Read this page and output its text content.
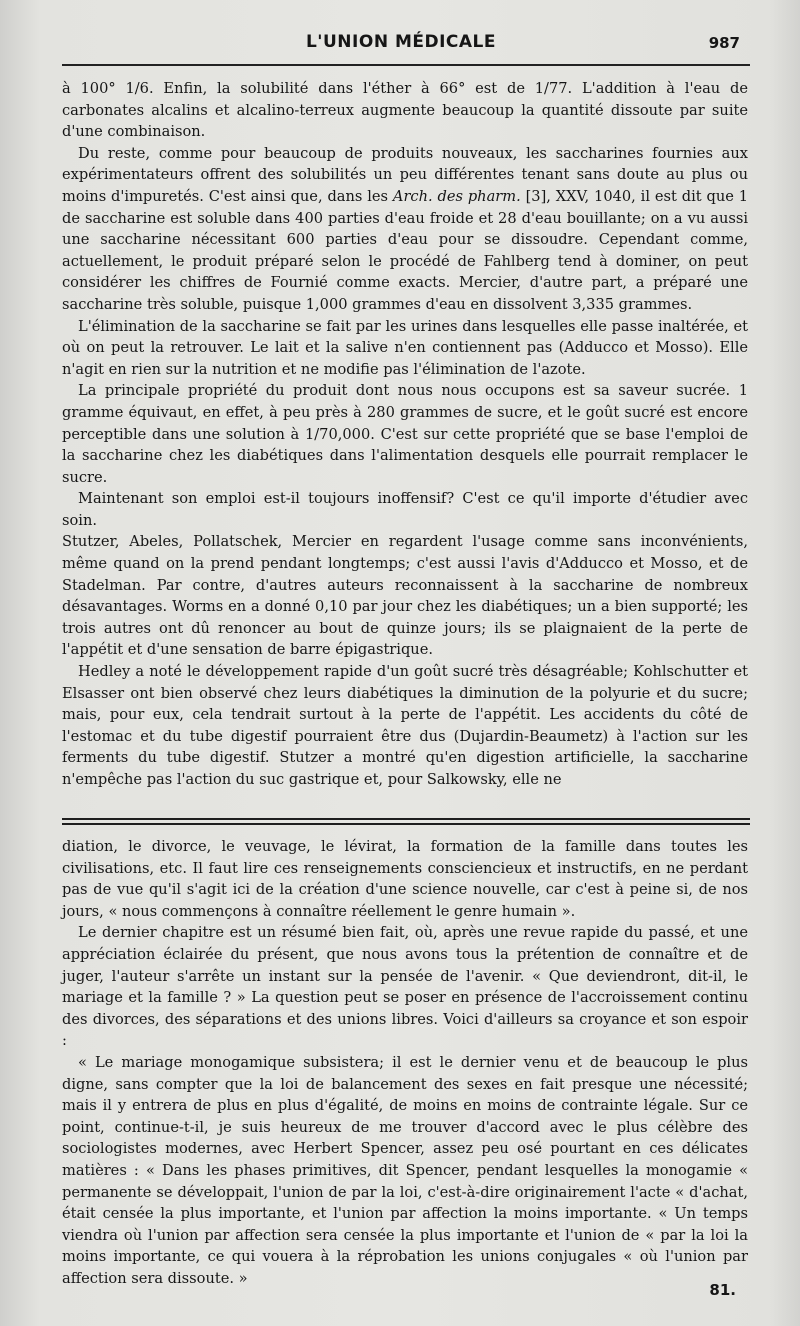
L'UNION MÉDICALE	987

à 100° 1/6. Enfin, la solubilité dans l'éther à 66° est de 1/77. L'addition à l'eau de carbonates alcalins et alcalino-terreux augmente beaucoup la quantité dissoute par suite d'une combinaison.

Du reste, comme pour beaucoup de produits nouveaux, les saccharines fournies aux expérimentateurs offrent des solubilités un peu différentes tenant sans doute au plus ou moins d'impuretés. C'est ainsi que, dans les Arch. des pharm. [3], XXV, 1040, il est dit que 1 de saccharine est soluble dans 400 parties d'eau froide et 28 d'eau bouillante; on a vu aussi une saccharine nécessitant 600 parties d'eau pour se dissoudre. Cependant comme, actuellement, le produit préparé selon le procédé de Fahlberg tend à dominer, on peut considérer les chiffres de Fournié comme exacts. Mercier, d'autre part, a préparé une saccharine très soluble, puisque 1,000 grammes d'eau en dissolvent 3,335 grammes.

L'élimination de la saccharine se fait par les urines dans lesquelles elle passe inaltérée, et où on peut la retrouver. Le lait et la salive n'en contiennent pas (Adducco et Mosso). Elle n'agit en rien sur la nutrition et ne modifie pas l'élimination de l'azote.

La principale propriété du produit dont nous nous occupons est sa saveur sucrée. 1 gramme équivaut, en effet, à peu près à 280 grammes de sucre, et le goût sucré est encore perceptible dans une solution à 1/70,000. C'est sur cette propriété que se base l'emploi de la saccharine chez les diabétiques dans l'alimentation desquels elle pourrait remplacer le sucre.

Maintenant son emploi est-il toujours inoffensif? C'est ce qu'il importe d'étudier avec soin.

Stutzer, Abeles, Pollatschek, Mercier en regardent l'usage comme sans inconvénients, même quand on la prend pendant longtemps; c'est aussi l'avis d'Adducco et Mosso, et de Stadelman. Par contre, d'autres auteurs reconnaissent à la saccharine de nombreux désavantages. Worms en a donné 0,10 par jour chez les diabétiques; un a bien supporté; les trois autres ont dû renoncer au bout de quinze jours; ils se plaignaient de la perte de l'appétit et d'une sensation de barre épigastrique.

Hedley a noté le développement rapide d'un goût sucré très désagréable; Kohlschutter et Elsasser ont bien observé chez leurs diabétiques la diminution de la polyurie et du sucre; mais, pour eux, cela tendrait surtout à la perte de l'appétit. Les accidents du côté de l'estomac et du tube digestif pourraient être dus (Dujardin-Beaumetz) à l'action sur les ferments du tube digestif. Stutzer a montré qu'en digestion artificielle, la saccharine n'empêche pas l'action du suc gastrique et, pour Salkowsky, elle ne

diation, le divorce, le veuvage, le lévirat, la formation de la famille dans toutes les civilisations, etc. Il faut lire ces renseignements consciencieux et instructifs, en ne perdant pas de vue qu'il s'agit ici de la création d'une science nouvelle, car c'est à peine si, de nos jours, « nous commençons à connaître réellement le genre humain ».

Le dernier chapitre est un résumé bien fait, où, après une revue rapide du passé, et une appréciation éclairée du présent, que nous avons tous la prétention de connaître et de juger, l'auteur s'arrête un instant sur la pensée de l'avenir. « Que deviendront, dit-il, le mariage et la famille ? » La question peut se poser en présence de l'accroissement continu des divorces, des séparations et des unions libres. Voici d'ailleurs sa croyance et son espoir :

« Le mariage monogamique subsistera; il est le dernier venu et de beaucoup le plus digne, sans compter que la loi de balancement des sexes en fait presque une nécessité; mais il y entrera de plus en plus d'égalité, de moins en moins de contrainte légale. Sur ce point, continue-t-il, je suis heureux de me trouver d'accord avec le plus célèbre des sociologistes modernes, avec Herbert Spencer, assez peu osé pourtant en ces délicates matières : « Dans les phases primitives, dit Spencer, pendant lesquelles la monogamie « permanente se développait, l'union de par la loi, c'est-à-dire originairement l'acte « d'achat, était censée la plus importante, et l'union par affection la moins importante. « Un temps viendra où l'union par affection sera censée la plus importante et l'union de « par la loi la moins importante, ce qui vouera à la réprobation les unions conjugales « où l'union par affection sera dissoute. »

81.
